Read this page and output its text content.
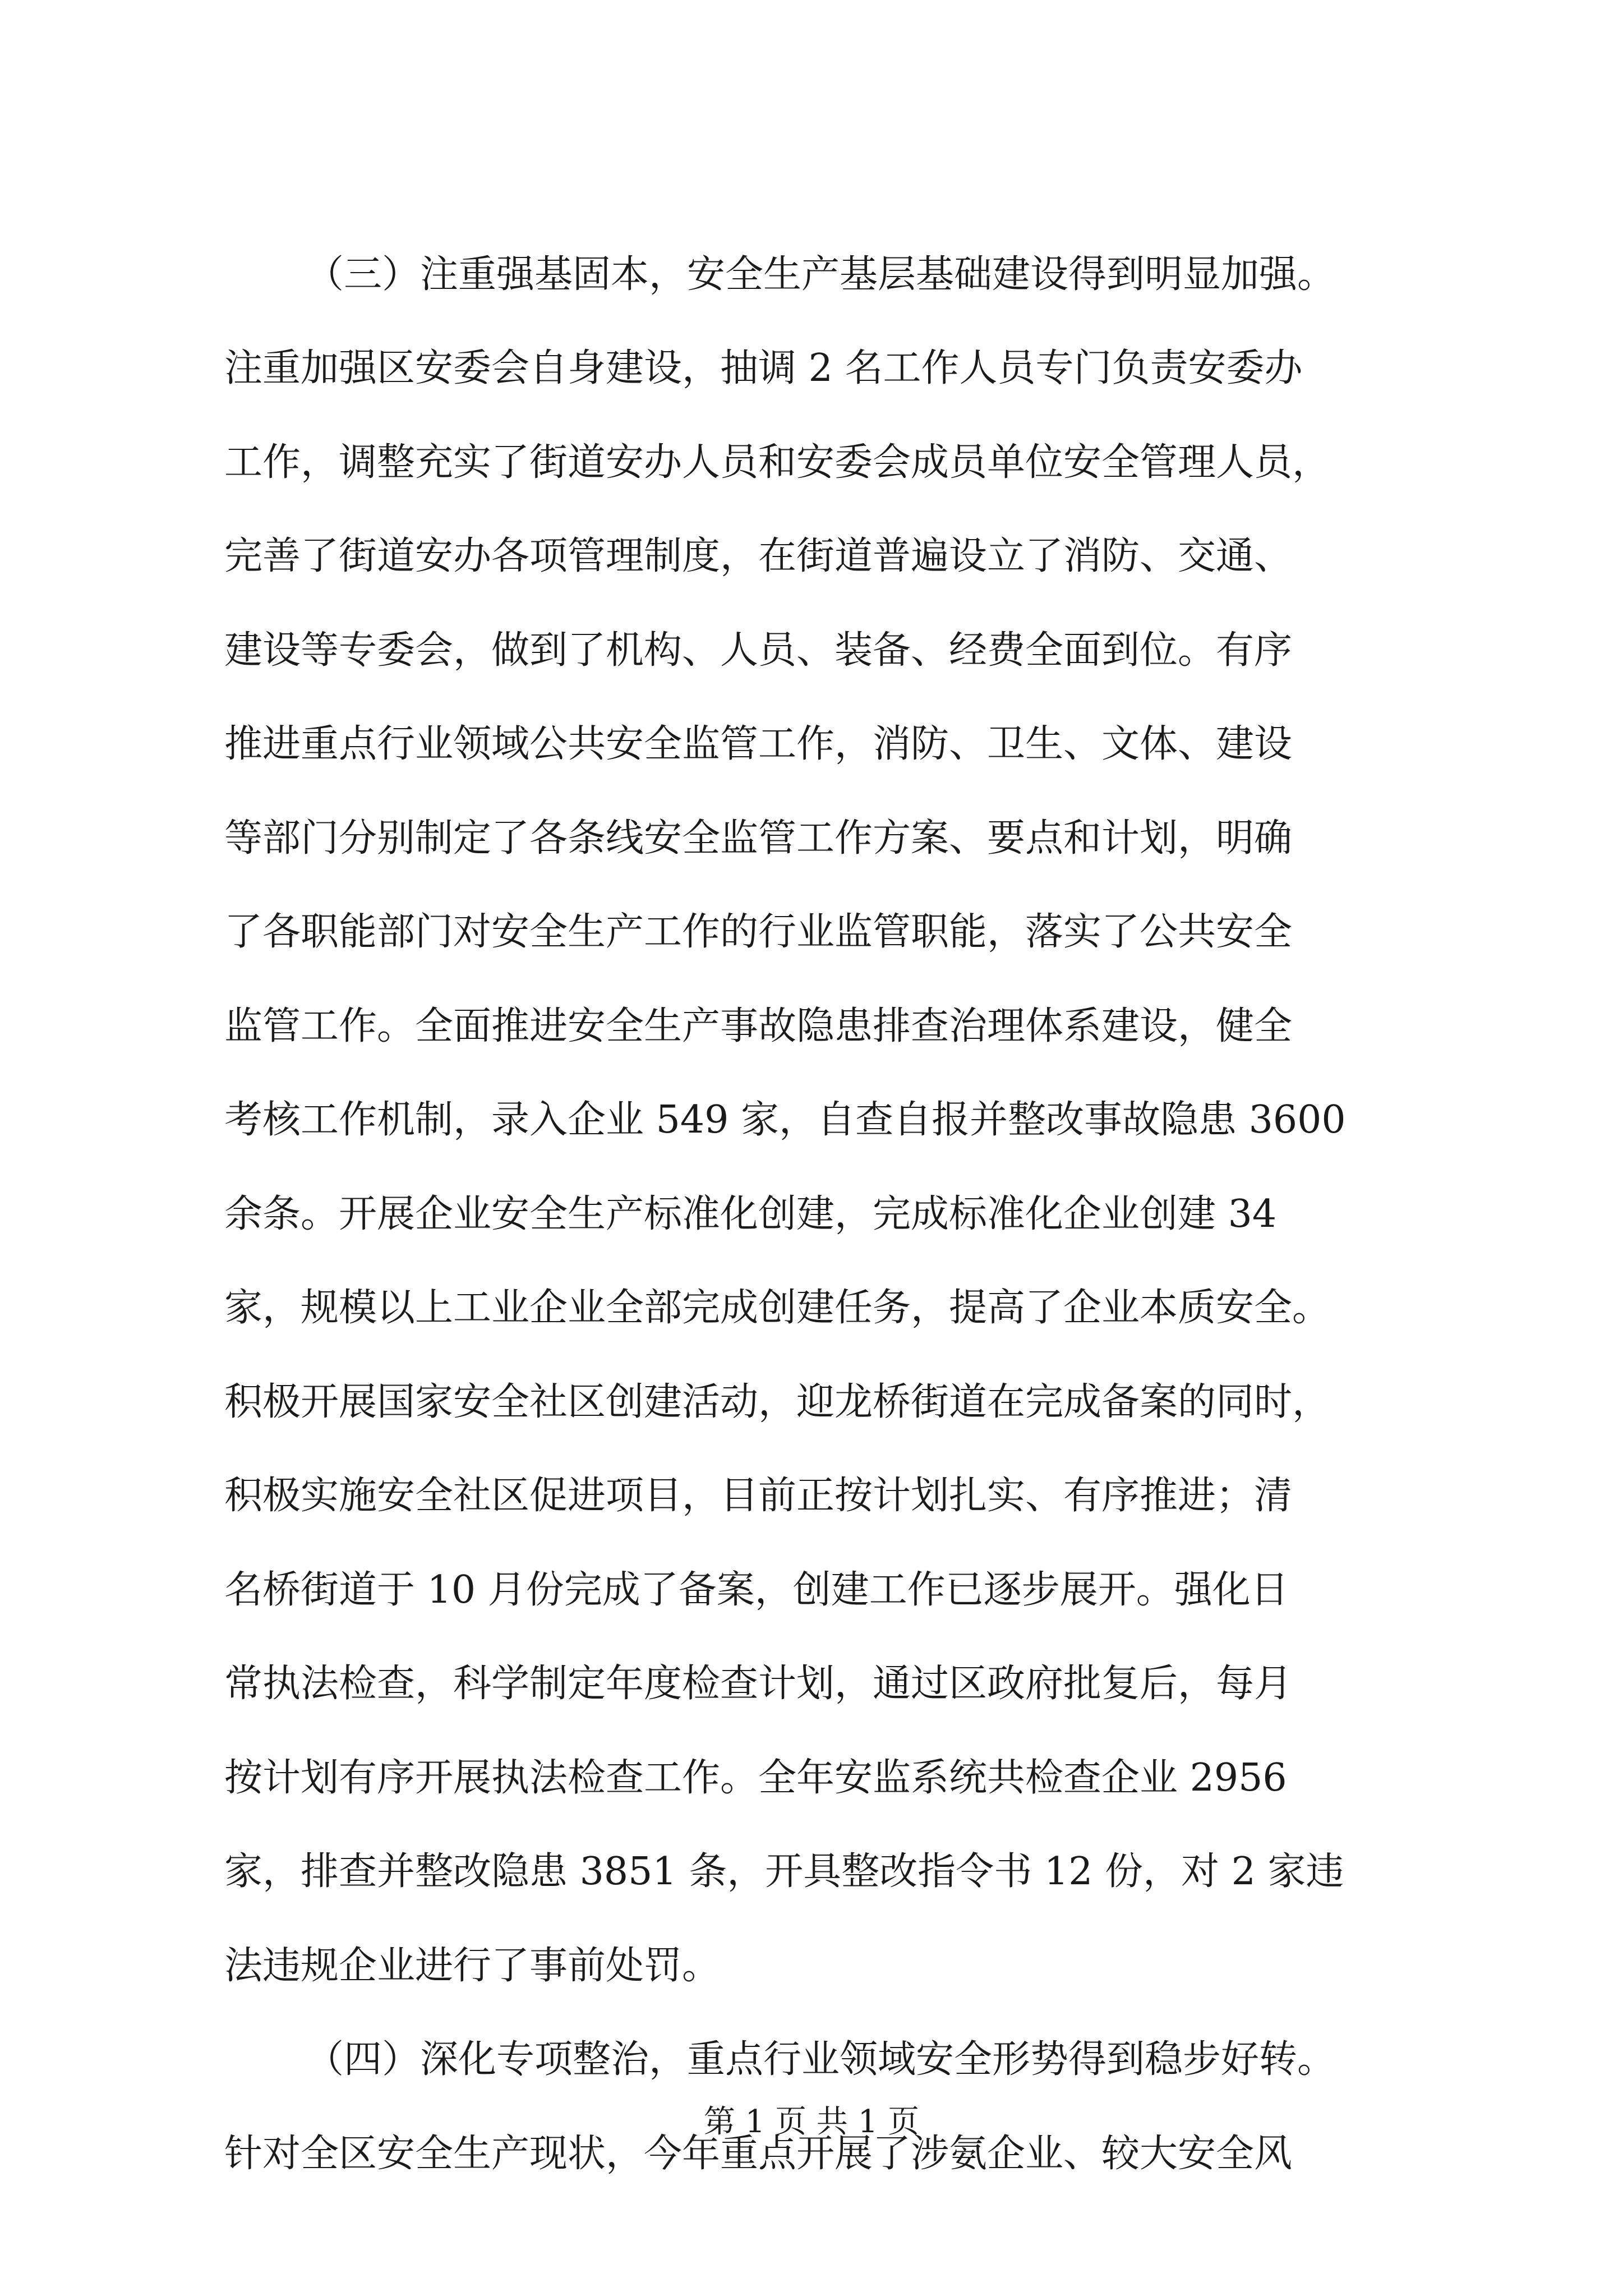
（三）注重强基固本，安全生产基层基础建设得到明显加强。
注重加强区安委会自身建设，抽调 2 名工作人员专门负责安委办
工作，调整充实了街道安办人员和安委会成员单位安全管理人员，
完善了街道安办各项管理制度，在街道普遍设立了消防、交通、
建设等专委会，做到了机构、人员、装备、经费全面到位。有序
推进重点行业领域公共安全监管工作，消防、卫生、文体、建设
等部门分别制定了各条线安全监管工作方案、要点和计划，明确
了各职能部门对安全生产工作的行业监管职能，落实了公共安全
监管工作。全面推进安全生产事故隐患排查治理体系建设，健全
考核工作机制，录入企业 549 家，自查自报并整改事故隐患 3600
余条。开展企业安全生产标准化创建，完成标准化企业创建 34
家，规模以上工业企业全部完成创建任务，提高了企业本质安全。
积极开展国家安全社区创建活动，迎龙桥街道在完成备案的同时，
积极实施安全社区促进项目，目前正按计划扎实、有序推进；清
名桥街道于 10 月份完成了备案，创建工作已逐步展开。强化日
常执法检查，科学制定年度检查计划，通过区政府批复后，每月
按计划有序开展执法检查工作。全年安监系统共检查企业 2956
家，排查并整改隐患 3851 条，开具整改指令书 12 份，对 2 家违
法违规企业进行了事前处罚。
（四）深化专项整治，重点行业领域安全形势得到稳步好转。
针对全区安全生产现状，今年重点开展了涉氨企业、较大安全风
第 1 页 共 1 页
